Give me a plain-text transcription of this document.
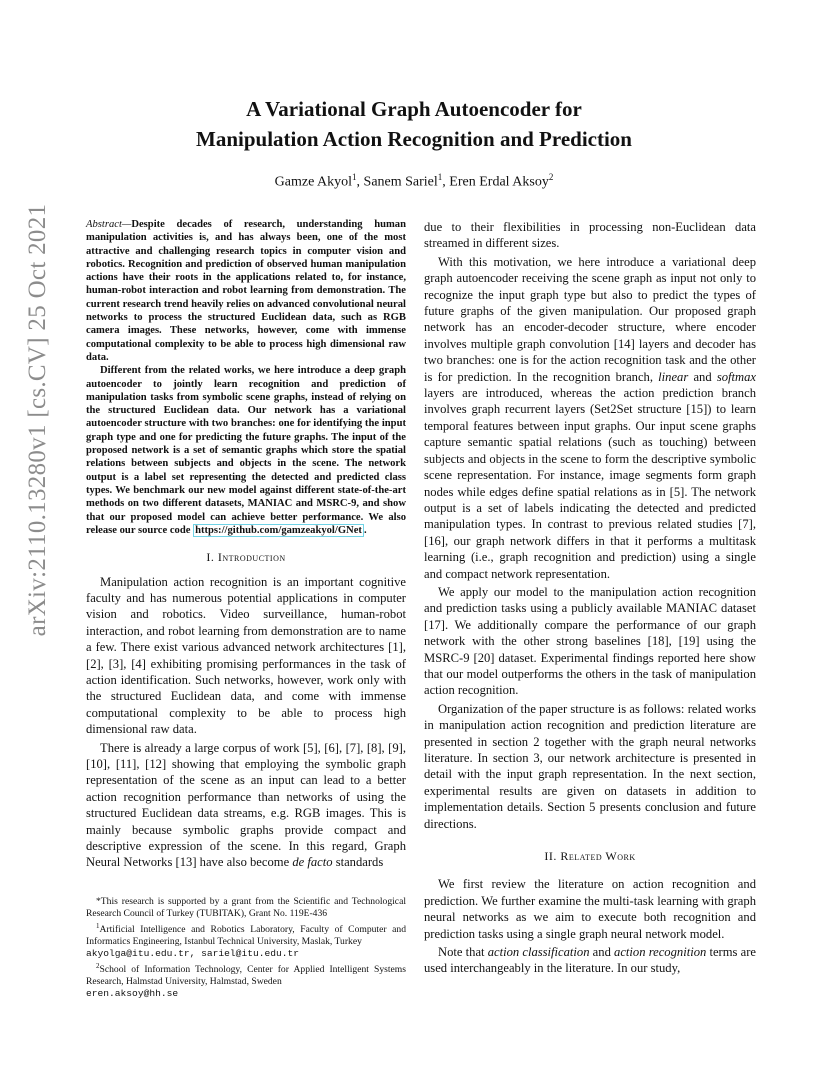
arXiv:2110.13280v1 [cs.CV] 25 Oct 2021
A Variational Graph Autoencoder for
Manipulation Action Recognition and Prediction
Gamze Akyol$^1$, Sanem Sariel$^1$, Eren Erdal Aksoy$^2$

Abstract—Despite decades of research, understanding human manipulation activities is, and has always been, one of the most attractive and challenging research topics in computer vision and robotics. Recognition and prediction of observed human manipulation actions have their roots in the applications related to, for instance, human-robot interaction and robot learning from demonstration. The current research trend heavily relies on advanced convolutional neural networks to process the structured Euclidean data, such as RGB camera images. These networks, however, come with immense computational complexity to be able to process high dimensional raw data.

Different from the related works, we here introduce a deep graph autoencoder to jointly learn recognition and prediction of manipulation tasks from symbolic scene graphs, instead of relying on the structured Euclidean data. Our network has a variational autoencoder structure with two branches: one for identifying the input graph type and one for predicting the future graphs. The input of the proposed network is a set of semantic graphs which store the spatial relations between subjects and objects in the scene. The network output is a label set representing the detected and predicted class types. We benchmark our new model against different state-of-the-art methods on two different datasets, MANIAC and MSRC-9, and show that our proposed model can achieve better performance. We also release our source code https://github.com/gamzeakyol/GNet .

I. Introduction

Manipulation action recognition is an important cognitive faculty and has numerous potential applications in computer vision and robotics. Video surveillance, human-robot interaction, and robot learning from demonstration are to name a few. There exist various advanced network architectures [1], [2], [3], [4] exhibiting promising performances in the task of action identification. Such networks, however, work only with the structured Euclidean data, and come with immense computational complexity to be able to process high dimensional raw data.

There is already a large corpus of work [5], [6], [7], [8], [9], [10], [11], [12] showing that employing the symbolic graph representation of the scene as an input can lead to a better action recognition performance than networks of using the structured Euclidean data streams, e.g. RGB images. This is mainly because symbolic graphs provide compact and descriptive expression of the scene. In this regard, Graph Neural Networks [13] have also become de facto standards

*This research is supported by a grant from the Scientific and Technological Research Council of Turkey (TUBITAK), Grant No. 119E-436

$^1$Artificial Intelligence and Robotics Laboratory, Faculty of Computer and Informatics Engineering, Istanbul Technical University, Maslak, Turkey

akyolga@itu.edu.tr, sariel@itu.edu.tr

$^2$School of Information Technology, Center for Applied Intelligent Systems Research, Halmstad University, Halmstad, Sweden

eren.aksoy@hh.se

due to their flexibilities in processing non-Euclidean data streamed in different sizes.

With this motivation, we here introduce a variational deep graph autoencoder receiving the scene graph as input not only to recognize the input graph type but also to predict the types of future graphs of the given manipulation. Our proposed graph network has an encoder-decoder structure, where encoder involves multiple graph convolution [14] layers and decoder has two branches: one is for the action recognition task and the other is for prediction. In the recognition branch, linear and softmax layers are introduced, whereas the action prediction branch involves graph recurrent layers (Set2Set structure [15]) to learn temporal features between input graphs. Our input scene graphs capture semantic spatial relations (such as touching) between subjects and objects in the scene to form the descriptive symbolic scene representation. For instance, image segments form graph nodes while edges define spatial relations as in [5]. The network output is a set of labels indicating the detected and predicted manipulation types. In contrast to previous related studies [7], [16], our graph network differs in that it performs a multitask learning (i.e., graph recognition and prediction) using a single and compact network representation.

We apply our model to the manipulation action recognition and prediction tasks using a publicly available MANIAC dataset [17]. We additionally compare the performance of our graph network with the other strong baselines [18], [19] using the MSRC-9 [20] dataset. Experimental findings reported here show that our model outperforms the others in the task of manipulation action recognition.

Organization of the paper structure is as follows: related works in manipulation action recognition and prediction literature are presented in section 2 together with the graph neural networks literature. In section 3, our network architecture is presented in detail with the input graph representation. In the next section, experimental results are given on datasets in addition to implementation details. Section 5 presents conclusion and future directions.

II. Related Work

We first review the literature on action recognition and prediction. We further examine the multi-task learning with graph neural networks as we aim to execute both recognition and prediction tasks using a single graph neural network model.

Note that action classification and action recognition terms are used interchangeably in the literature. In our study,
